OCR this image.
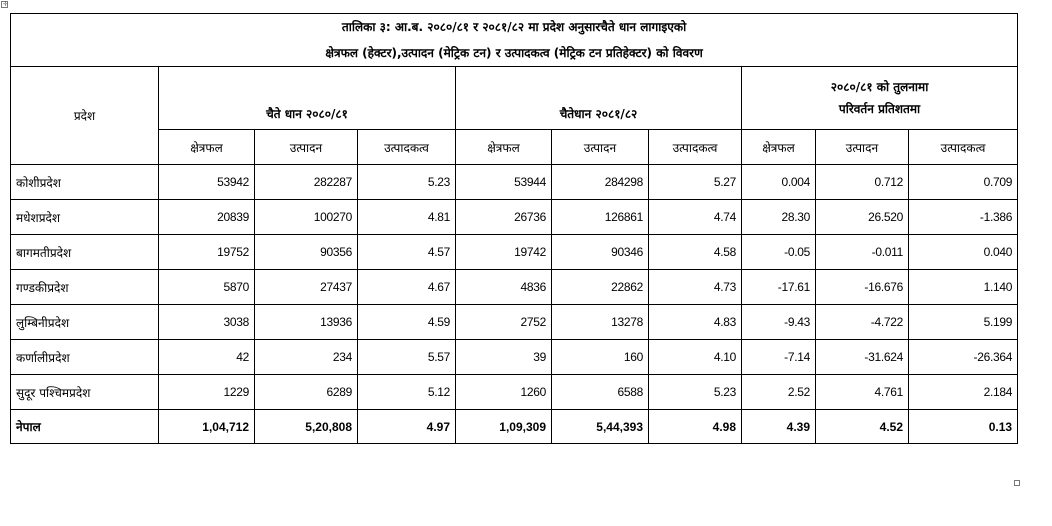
✛
तालिका ३: आ.ब. २०८०/८१ र २०८१/८२ मा प्रदेश अनुसारचैते धान लागाइएको
क्षेत्रफल (हेक्टर),उत्पादन (मेट्रिक टन) र उत्पादकत्व (मेट्रिक टन प्रतिहेक्टर) को विवरण									

प्रदेश	चैते धान २०८०/८१			चैतेधान २०८१/८२			२०८०/८१ को तुलनामा
परिवर्तन प्रतिशतमा		

	क्षेत्रफल	उत्पादन	उत्पादकत्व	क्षेत्रफल	उत्पादन	उत्पादकत्व	क्षेत्रफल	उत्पादन	उत्पादकत्व
कोशीप्रदेश	53942	282287	5.23	53944	284298	5.27	0.004	0.712	0.709
मधेशप्रदेश	20839	100270	4.81	26736	126861	4.74	28.30	26.520	-1.386
बागमतीप्रदेश	19752	90356	4.57	19742	90346	4.58	-0.05	-0.011	0.040
गण्डकीप्रदेश	5870	27437	4.67	4836	22862	4.73	-17.61	-16.676	1.140
लुम्बिनीप्रदेश	3038	13936	4.59	2752	13278	4.83	-9.43	-4.722	5.199
कर्णालीप्रदेश	42	234	5.57	39	160	4.10	-7.14	-31.624	-26.364
सुदूर पश्चिमप्रदेश	1229	6289	5.12	1260	6588	5.23	2.52	4.761	2.184
नेपाल	1,04,712	5,20,808	4.97	1,09,309	5,44,393	4.98	4.39	4.52	0.13
